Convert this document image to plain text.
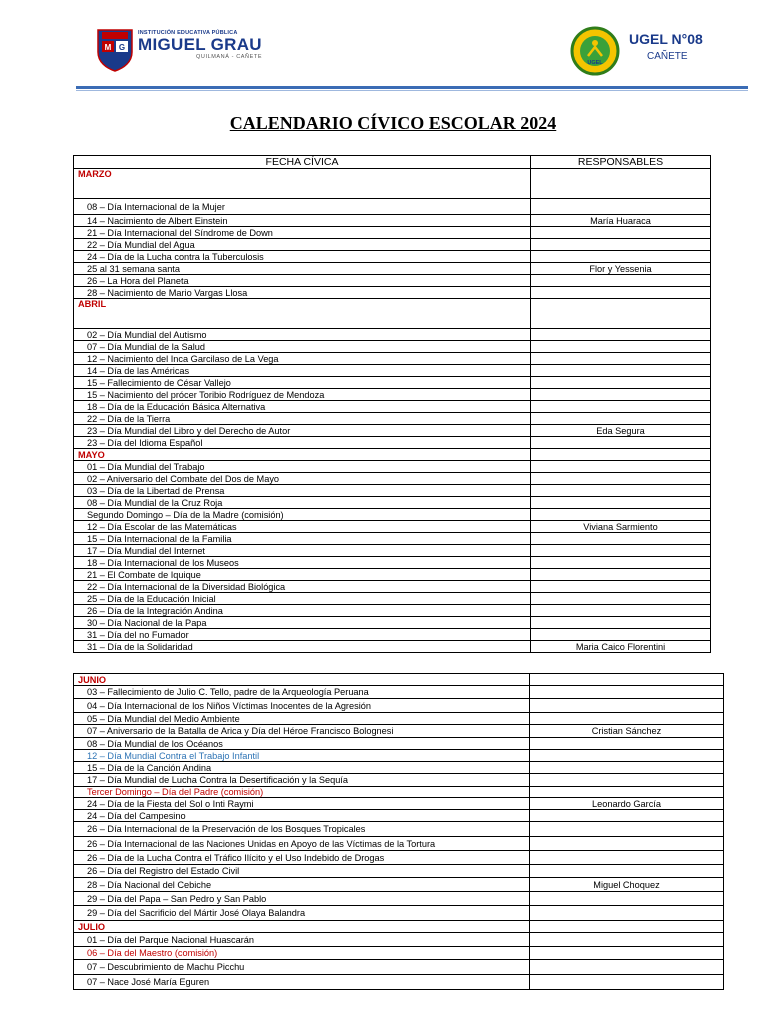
M G
INSTITUCIÓN EDUCATIVA PÚBLICA
MIGUEL GRAU
QUILMANÁ - CAÑETE
UGEL
UGEL N°08
CAÑETE
CALENDARIO CÍVICO ESCOLAR 2024
FECHA CÍVICA	RESPONSABLES
MARZO	
08 – Día Internacional de la Mujer	
14 – Nacimiento de Albert Einstein	María Huaraca
21 – Día Internacional del Síndrome de Down	
22 – Día Mundial del Agua	
24 – Día de la Lucha contra la Tuberculosis	
25 al 31 semana santa	Flor y Yessenia
26 – La Hora del Planeta	
28 – Nacimiento de Mario Vargas Llosa	
ABRIL	
02 – Día Mundial del Autismo	
07 – Día Mundial de la Salud	
12 – Nacimiento del Inca Garcilaso de La Vega	
14 – Día de las Américas	
15 – Fallecimiento de César Vallejo	
15 – Nacimiento del prócer Toribio Rodríguez de Mendoza	
18 – Día de la Educación Básica Alternativa	
22 – Día de la Tierra	
23 – Día Mundial del Libro y del Derecho de Autor	Eda Segura
23 – Día del Idioma Español	
MAYO	
01 – Día Mundial del Trabajo	
02 – Aniversario del Combate del Dos de Mayo	
03 – Día de la Libertad de Prensa	
08 – Día Mundial de la Cruz Roja	
Segundo Domingo – Día de la Madre (comisión)	
12 – Día Escolar de las Matemáticas	Viviana Sarmiento
15 – Día Internacional de la Familia	
17 – Día Mundial del Internet	
18 – Día Internacional de los Museos	
21 – El Combate de Iquique	
22 – Día Internacional de la Diversidad Biológica	
25 – Día de la Educación Inicial	
26 – Día de la Integración Andina	
30 – Día Nacional de la Papa	
31 – Día del no Fumador	
31 – Día de la Solidaridad	Maria Caico Florentini
JUNIO	
03 – Fallecimiento de Julio C. Tello, padre de la Arqueología Peruana	
04 – Día Internacional de los Niños Víctimas Inocentes de la Agresión	
05 – Día Mundial del Medio Ambiente	
07 – Aniversario de la Batalla de Arica y Día del Héroe Francisco Bolognesi	Cristian Sánchez
08 – Día Mundial de los Océanos	
12 – Día Mundial Contra el Trabajo Infantil	
15 – Día de la Canción Andina	
17 – Día Mundial de Lucha Contra la Desertificación y la Sequía	
Tercer Domingo – Día del Padre (comisión)	
24 – Día de la Fiesta del Sol o Inti Raymi	Leonardo García
24 – Día del Campesino	
26 – Día Internacional de la Preservación de los Bosques Tropicales	
26 – Día Internacional de las Naciones Unidas en Apoyo de las Víctimas de la Tortura	
26 – Día de la Lucha Contra el Tráfico Ilícito y el Uso Indebido de Drogas	
26 – Día del Registro del Estado Civil	
28 – Día Nacional del Cebiche	Miguel Choquez
29 – Día del Papa – San Pedro y San Pablo	
29 – Día del Sacrificio del Mártir José Olaya Balandra	
JULIO	
01 – Día del Parque Nacional Huascarán	
06 – Día del Maestro (comisión)	
07 – Descubrimiento de Machu Picchu	
07 – Nace José María Eguren	
